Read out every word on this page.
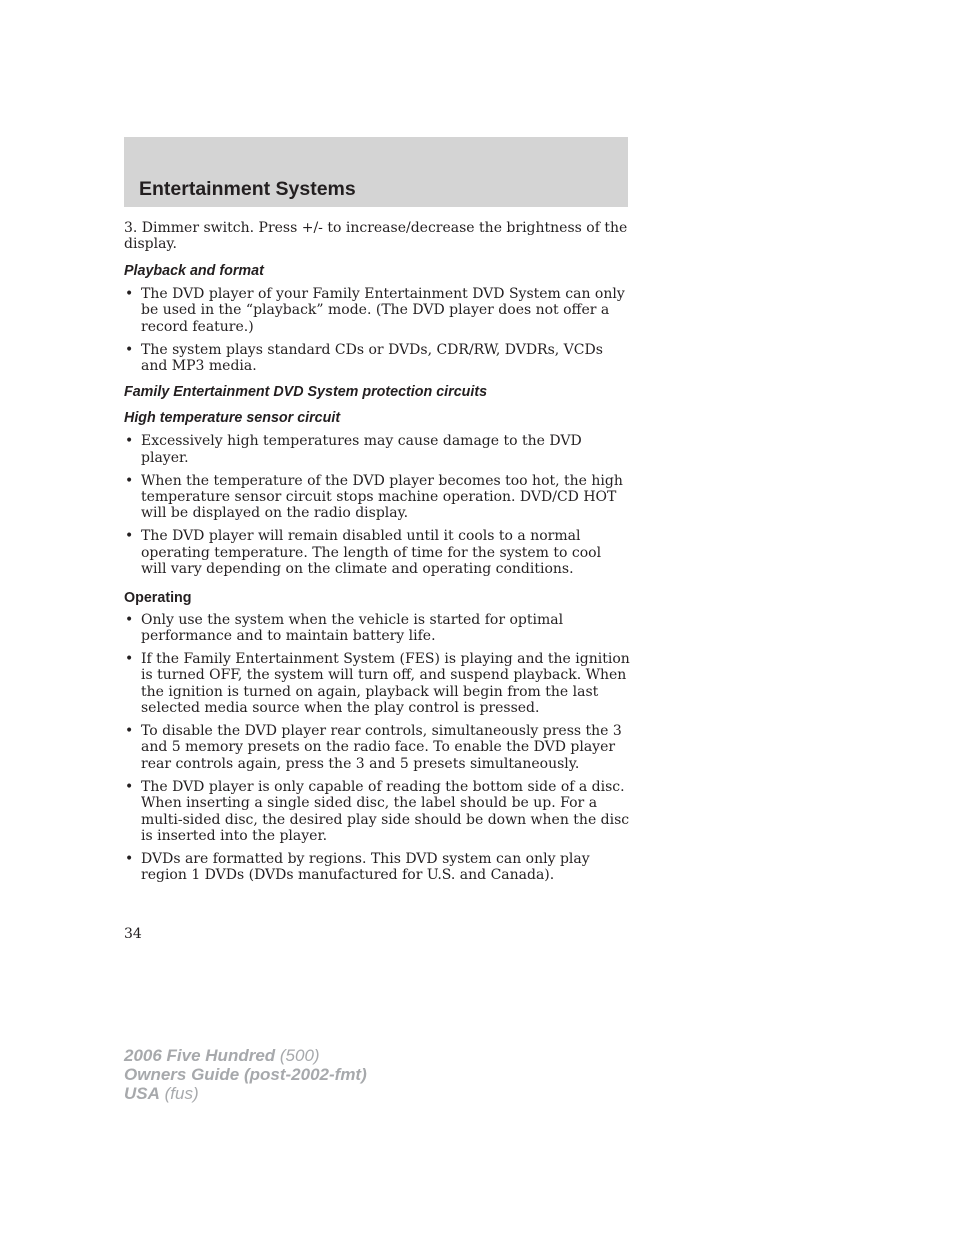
Entertainment Systems

3. Dimmer switch. Press +/- to increase/decrease the brightness of the display.

Playback and format
• The DVD player of your Family Entertainment DVD System can only be used in the “playback” mode. (The DVD player does not offer a record feature.)
• The system plays standard CDs or DVDs, CDR/RW, DVDRs, VCDs and MP3 media.
Family Entertainment DVD System protection circuits
High temperature sensor circuit
• Excessively high temperatures may cause damage to the DVD player.
• When the temperature of the DVD player becomes too hot, the high temperature sensor circuit stops machine operation. DVD/CD HOT will be displayed on the radio display.
• The DVD player will remain disabled until it cools to a normal operating temperature. The length of time for the system to cool will vary depending on the climate and operating conditions.
Operating
• Only use the system when the vehicle is started for optimal performance and to maintain battery life.
• If the Family Entertainment System (FES) is playing and the ignition is turned OFF, the system will turn off, and suspend playback. When the ignition is turned on again, playback will begin from the last selected media source when the play control is pressed.
• To disable the DVD player rear controls, simultaneously press the 3 and 5 memory presets on the radio face. To enable the DVD player rear controls again, press the 3 and 5 presets simultaneously.
• The DVD player is only capable of reading the bottom side of a disc. When inserting a single sided disc, the label should be up. For a multi-sided disc, the desired play side should be down when the disc is inserted into the player.
• DVDs are formatted by regions. This DVD system can only play region 1 DVDs (DVDs manufactured for U.S. and Canada).
34
2006 Five Hundred (500)
Owners Guide (post-2002-fmt)
USA (fus)
